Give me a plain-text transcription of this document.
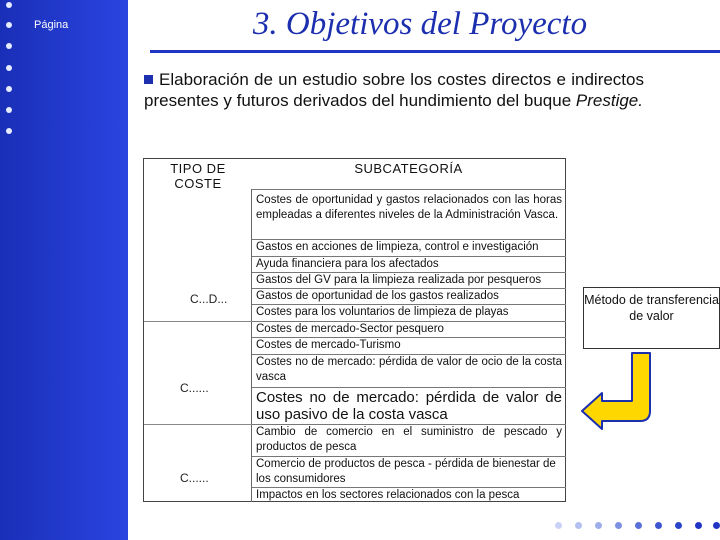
Página	3. Objetivos del Proyecto
Elaboración de un estudio sobre los costes directos e indirectos presentes y futuros derivados del hundimiento del buque Prestige.
TIPO DE COSTE
SUBCATEGORÍA
Costes de oportunidad y gastos relacionados con las horas empleadas a diferentes niveles de la Administración Vasca.
Gastos en acciones de limpieza, control e investigación
Ayuda financiera para los afectados
Gastos del GV para la limpieza realizada por pesqueros
Gastos de oportunidad de los gastos realizados
Costes para los voluntarios de limpieza de playas
Costes de mercado-Sector pesquero
Costes de mercado-Turismo
Costes no de mercado: pérdida de valor de ocio de la costa vasca
Costes no de mercado: pérdida de valor de uso pasivo de la costa vasca
Cambio de comercio en el suministro de pescado y productos de pesca
Comercio de productos de pesca - pérdida de bienestar de los consumidores
Impactos en los sectores relacionados con la pesca
C...D...
C......
C......
Método de transferencia de valor
